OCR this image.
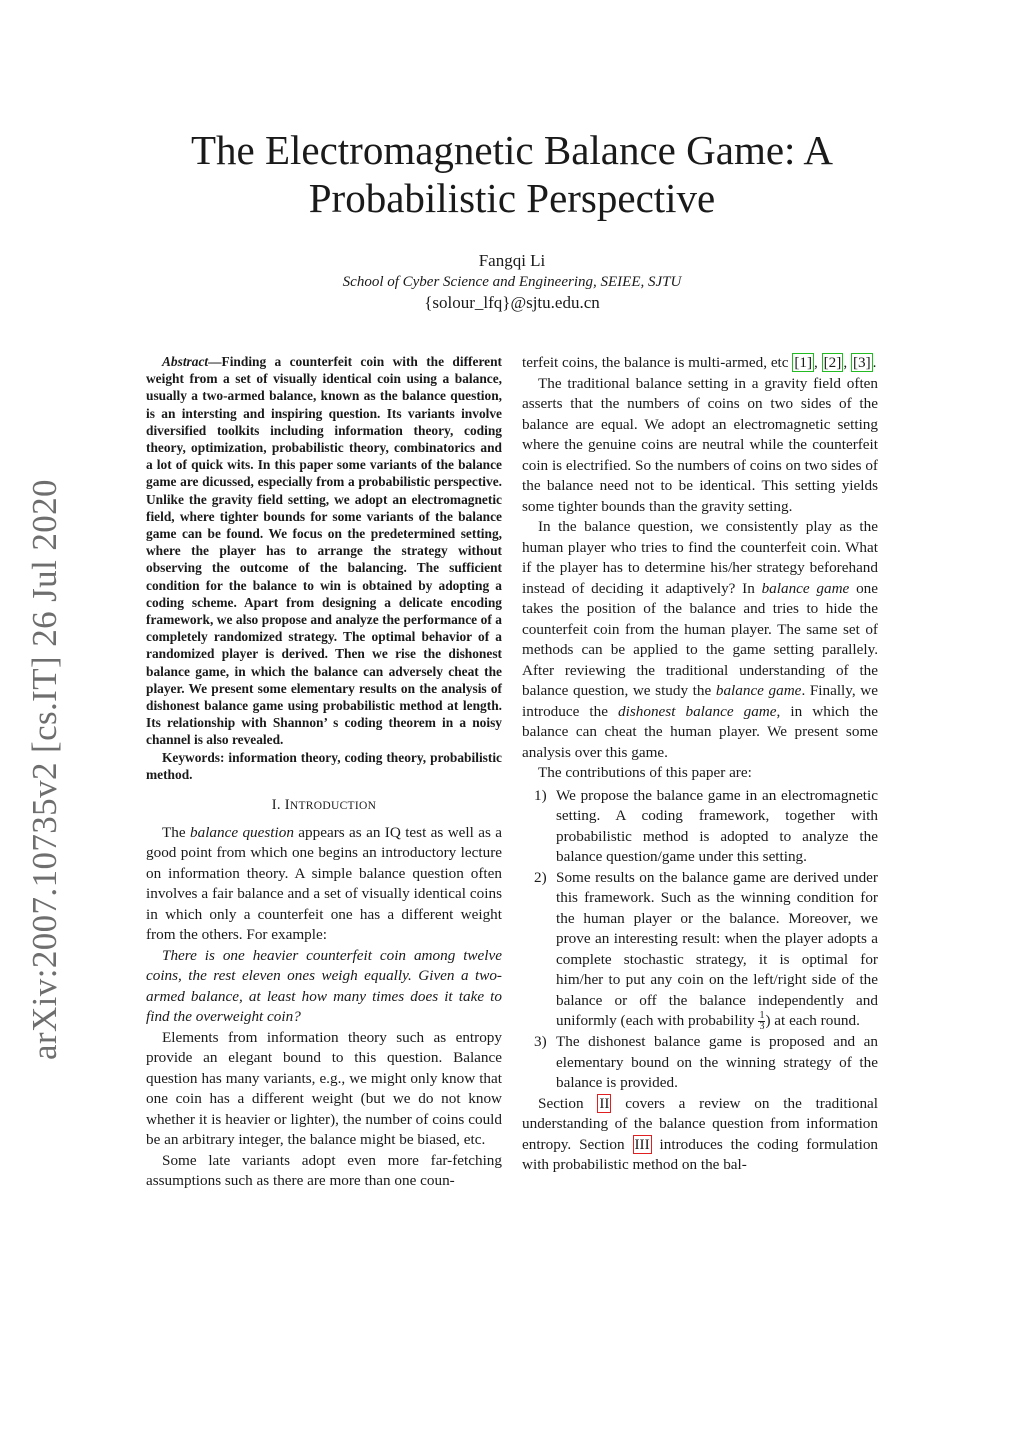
The Electromagnetic Balance Game: A
Probabilistic Perspective
Fangqi Li
School of Cyber Science and Engineering, SEIEE, SJTU
{solour_lfq}@sjtu.edu.cn
arXiv:2007.10735v2 [cs.IT] 26 Jul 2020
Abstract—Finding a counterfeit coin with the different weight from a set of visually identical coin using a balance, usually a two-armed balance, known as the balance question, is an intersting and inspiring question. Its variants involve diversified toolkits including information theory, coding theory, optimization, probabilistic theory, combinatorics and a lot of quick wits. In this paper some variants of the balance game are dicussed, especially from a probabilistic perspective. Unlike the gravity field setting, we adopt an electromagnetic field, where tighter bounds for some variants of the balance game can be found. We focus on the predetermined setting, where the player has to arrange the strategy without observing the outcome of the balancing. The sufficient condition for the balance to win is obtained by adopting a coding scheme. Apart from designing a delicate encoding framework, we also propose and analyze the performance of a completely randomized strategy. The optimal behavior of a randomized player is derived. Then we rise the dishonest balance game, in which the balance can adversely cheat the player. We present some elementary results on the analysis of dishonest balance game using probabilistic method at length. Its relationship with Shannon’ s coding theorem in a noisy channel is also revealed.
Keywords: information theory, coding theory, probabilistic method.
I. INTRODUCTION

The balance question appears as an IQ test as well as a good point from which one begins an introductory lecture on information theory. A simple balance question often involves a fair balance and a set of visually identical coins in which only a counterfeit one has a different weight from the others. For example:

There is one heavier counterfeit coin among twelve coins, the rest eleven ones weigh equally. Given a two-armed balance, at least how many times does it take to find the overweight coin?

Elements from information theory such as entropy provide an elegant bound to this question. Balance question has many variants, e.g., we might only know that one coin has a different weight (but we do not know whether it is heavier or lighter), the number of coins could be an arbitrary integer, the balance might be biased, etc.

Some late variants adopt even more far-fetching assumptions such as there are more than one coun-

terfeit coins, the balance is multi-armed, etc [1] , [2] , [3] .

The traditional balance setting in a gravity field often asserts that the numbers of coins on two sides of the balance are equal. We adopt an electromagnetic setting where the genuine coins are neutral while the counterfeit coin is electrified. So the numbers of coins on two sides of the balance need not to be identical. This setting yields some tighter bounds than the gravity setting.

In the balance question, we consistently play as the human player who tries to find the counterfeit coin. What if the player has to determine his/her strategy beforehand instead of deciding it adaptively? In balance game one takes the position of the balance and tries to hide the counterfeit coin from the human player. The same set of methods can be applied to the game setting parallely. After reviewing the traditional understanding of the balance question, we study the balance game. Finally, we introduce the dishonest balance game, in which the balance can cheat the human player. We present some analysis over this game.

The contributions of this paper are:

1) We propose the balance game in an electromagnetic setting. A coding framework, together with probabilistic method is adopted to analyze the balance question/game under this setting.
2) Some results on the balance game are derived under this framework. Such as the winning condition for the human player or the balance. Moreover, we prove an interesting result: when the player adopts a complete stochastic strategy, it is optimal for him/her to put any coin on the left/right side of the balance or off the balance independently and uniformly (each with probability $\frac{1}{3}$ ) at each round.
3) The dishonest balance game is proposed and an elementary bound on the winning strategy of the balance is provided.

Section II covers a review on the traditional understanding of the balance question from information entropy. Section III introduces the coding formulation with probabilistic method on the bal-
